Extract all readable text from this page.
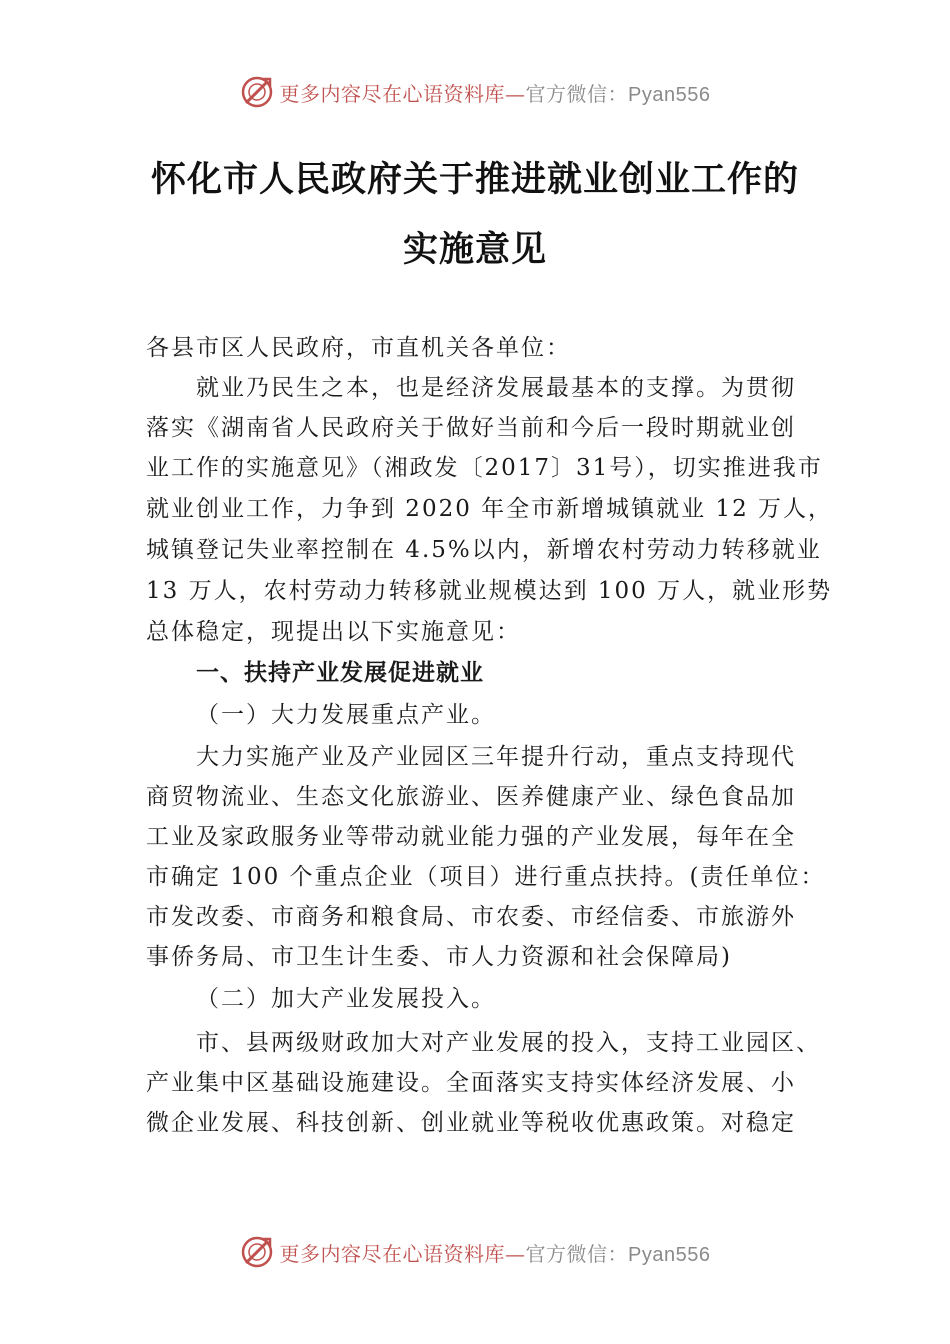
更多内容尽在心语资料库—官方微信：Pyan556
怀化市人民政府关于推进就业创业工作的
实施意见
各县市区人民政府，市直机关各单位：
就业乃民生之本，也是经济发展最基本的支撑。为贯彻
落实《湖南省人民政府关于做好当前和今后一段时期就业创
业工作的实施意见》（湘政发〔2017〕31号），切实推进我市
就业创业工作，力争到 2020 年全市新增城镇就业 12 万人，
城镇登记失业率控制在 4.5%以内，新增农村劳动力转移就业
13 万人，农村劳动力转移就业规模达到 100 万人，就业形势
总体稳定，现提出以下实施意见：
一、扶持产业发展促进就业
（一）大力发展重点产业。
大力实施产业及产业园区三年提升行动，重点支持现代
商贸物流业、生态文化旅游业、医养健康产业、绿色食品加
工业及家政服务业等带动就业能力强的产业发展，每年在全
市确定 100 个重点企业（项目）进行重点扶持。(责任单位：
市发改委、市商务和粮食局、市农委、市经信委、市旅游外
事侨务局、市卫生计生委、市人力资源和社会保障局)
（二）加大产业发展投入。
市、县两级财政加大对产业发展的投入，支持工业园区、
产业集中区基础设施建设。全面落实支持实体经济发展、小
微企业发展、科技创新、创业就业等税收优惠政策。对稳定
更多内容尽在心语资料库—官方微信：Pyan556
